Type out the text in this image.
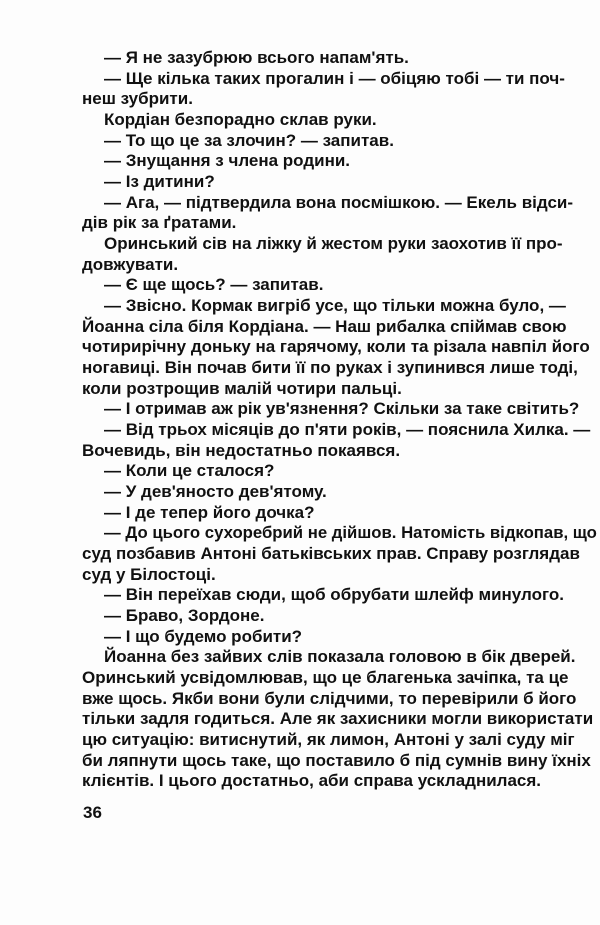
— Я не зазубрюю всього напам'ять.
— Ще кілька таких прогалин і — обіцяю тобі — ти поч-
неш зубрити.
Кордіан безпорадно склав руки.
— То що це за злочин? — запитав.
— Знущання з члена родини.
— Із дитини?
— Ага, — підтвердила вона посмішкою. — Екель відси-
дів рік за ґратами.
Оринський сів на ліжку й жестом руки заохотив її про-
довжувати.
— Є ще щось? — запитав.
— Звісно. Кормак вигріб усе, що тільки можна було, —
Йоанна сіла біля Кордіана. — Наш рибалка спіймав свою
чотирирічну доньку на гарячому, коли та різала навпіл його
ногавиці. Він почав бити її по руках і зупинився лише тоді,
коли розтрощив малій чотири пальці.
— І отримав аж рік ув'язнення? Скільки за таке світить?
— Від трьох місяців до п'яти років, — пояснила Хилка. —
Вочевидь, він недостатньо покаявся.
— Коли це сталося?
— У дев'яносто дев'ятому.
— І де тепер його дочка?
— До цього сухоребрий не дійшов. Натомість відкопав, що
суд позбавив Антоні батьківських прав. Справу розглядав
суд у Білостоці.
— Він переїхав сюди, щоб обрубати шлейф минулого.
— Браво, Зордоне.
— І що будемо робити?
Йоанна без зайвих слів показала головою в бік дверей.
Оринський усвідомлював, що це благенька зачіпка, та це
вже щось. Якби вони були слідчими, то перевірили б його
тільки задля годиться. Але як захисники могли використати
цю ситуацію: витиснутий, як лимон, Антоні у залі суду міг
би ляпнути щось таке, що поставило б під сумнів вину їхніх
клієнтів. І цього достатньо, аби справа ускладнилася.
36
